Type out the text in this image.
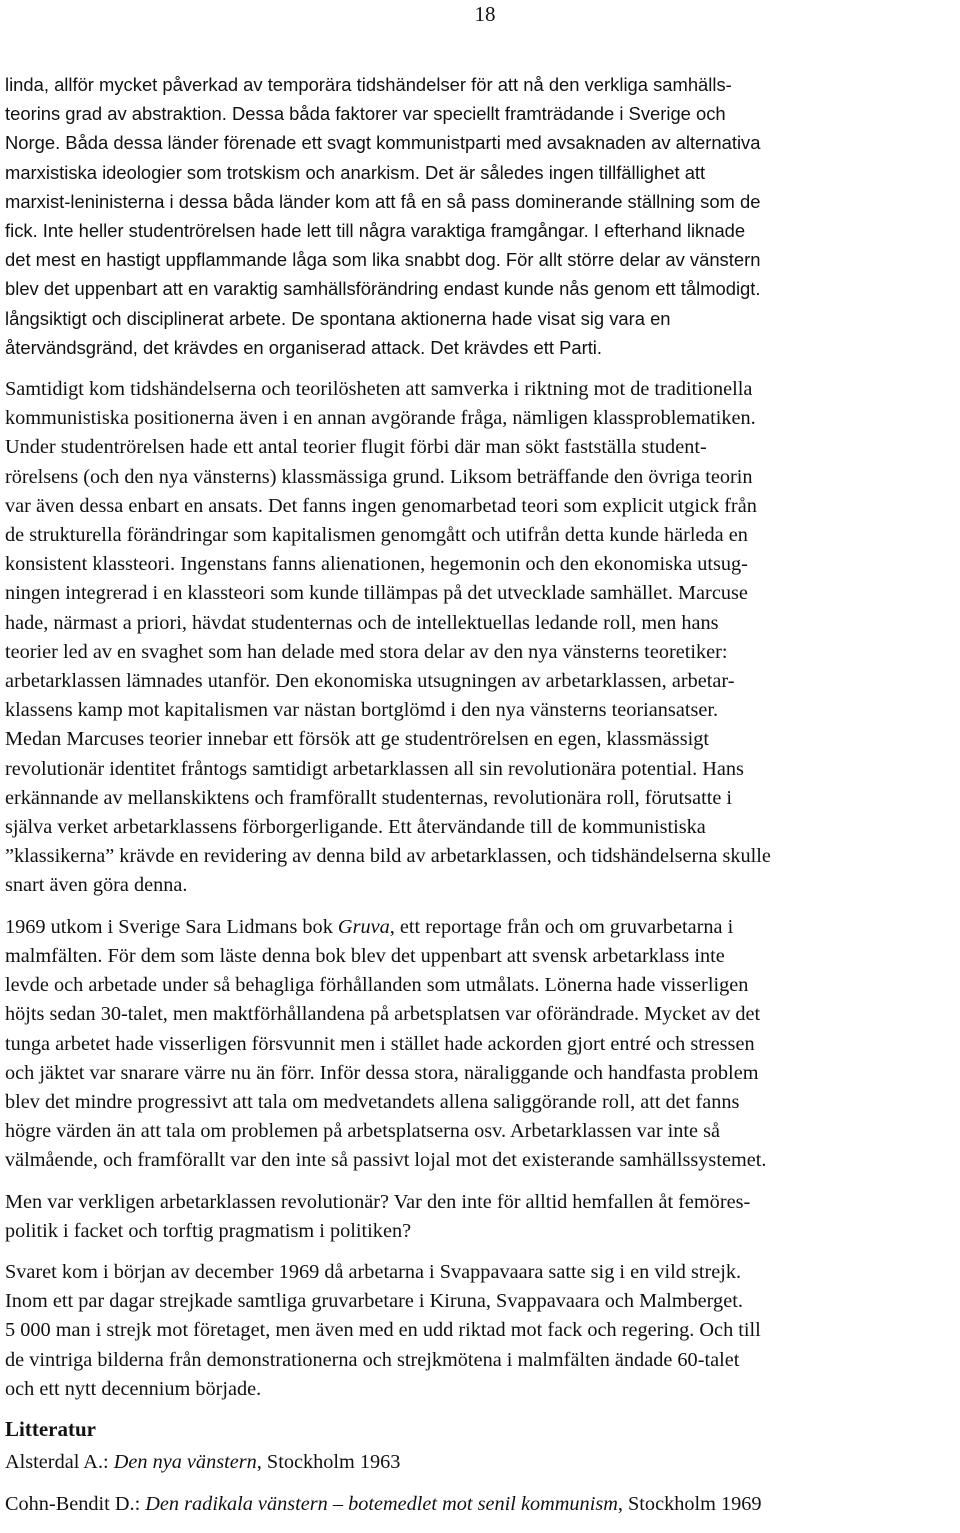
18
linda, allför mycket påverkad av temporära tidshändelser för att nå den verkliga samhälls-
teorins grad av abstraktion. Dessa båda faktorer var speciellt framträdande i Sverige och
Norge. Båda dessa länder förenade ett svagt kommunistparti med avsaknaden av alternativa
marxistiska ideologier som trotskism och anarkism. Det är således ingen tillfällighet att
marxist-leninisterna i dessa båda länder kom att få en så pass dominerande ställning som de
fick. Inte heller studentrörelsen hade lett till några varaktiga framgångar. I efterhand liknade
det mest en hastigt uppflammande låga som lika snabbt dog. För allt större delar av vänstern
blev det uppenbart att en varaktig samhällsförändring endast kunde nås genom ett tålmodigt.
långsiktigt och disciplinerat arbete. De spontana aktionerna hade visat sig vara en
återvändsgränd, det krävdes en organiserad attack. Det krävdes ett Parti.
Samtidigt kom tidshändelserna och teorilösheten att samverka i riktning mot de traditionella
kommunistiska positionerna även i en annan avgörande fråga, nämligen klassproblematiken.
Under studentrörelsen hade ett antal teorier flugit förbi där man sökt fastställa student-
rörelsens (och den nya vänsterns) klassmässiga grund. Liksom beträffande den övriga teorin
var även dessa enbart en ansats. Det fanns ingen genomarbetad teori som explicit utgick från
de strukturella förändringar som kapitalismen genomgått och utifrån detta kunde härleda en
konsistent klassteori. Ingenstans fanns alienationen, hegemonin och den ekonomiska utsug-
ningen integrerad i en klassteori som kunde tillämpas på det utvecklade samhället. Marcuse
hade, närmast a priori, hävdat studenternas och de intellektuellas ledande roll, men hans
teorier led av en svaghet som han delade med stora delar av den nya vänsterns teoretiker:
arbetarklassen lämnades utanför. Den ekonomiska utsugningen av arbetarklassen, arbetar-
klassens kamp mot kapitalismen var nästan bortglömd i den nya vänsterns teoriansatser.
Medan Marcuses teorier innebar ett försök att ge studentrörelsen en egen, klassmässigt
revolutionär identitet fråntogs samtidigt arbetarklassen all sin revolutionära potential. Hans
erkännande av mellanskiktens och framförallt studenternas, revolutionära roll, förutsatte i
själva verket arbetarklassens förborgerligande. Ett återvändande till de kommunistiska
”klassikerna” krävde en revidering av denna bild av arbetarklassen, och tidshändelserna skulle
snart även göra denna.
1969 utkom i Sverige Sara Lidmans bok Gruva, ett reportage från och om gruvarbetarna i
malmfälten. För dem som läste denna bok blev det uppenbart att svensk arbetarklass inte
levde och arbetade under så behagliga förhållanden som utmålats. Lönerna hade visserligen
höjts sedan 30-talet, men maktförhållandena på arbetsplatsen var oförändrade. Mycket av det
tunga arbetet hade visserligen försvunnit men i stället hade ackorden gjort entré och stressen
och jäktet var snarare värre nu än förr. Inför dessa stora, näraliggande och handfasta problem
blev det mindre progressivt att tala om medvetandets allena saliggörande roll, att det fanns
högre värden än att tala om problemen på arbetsplatserna osv. Arbetarklassen var inte så
välmående, och framförallt var den inte så passivt lojal mot det existerande samhällssystemet.
Men var verkligen arbetarklassen revolutionär? Var den inte för alltid hemfallen åt femöres-
politik i facket och torftig pragmatism i politiken?
Svaret kom i början av december 1969 då arbetarna i Svappavaara satte sig i en vild strejk.
Inom ett par dagar strejkade samtliga gruvarbetare i Kiruna, Svappavaara och Malmberget.
5 000 man i strejk mot företaget, men även med en udd riktad mot fack och regering. Och till
de vintriga bilderna från demonstrationerna och strejkmötena i malmfälten ändade 60-talet
och ett nytt decennium började.
Litteratur
Alsterdal A.: Den nya vänstern, Stockholm 1963
Cohn-Bendit D.: Den radikala vänstern – botemedlet mot senil kommunism, Stockholm 1969
